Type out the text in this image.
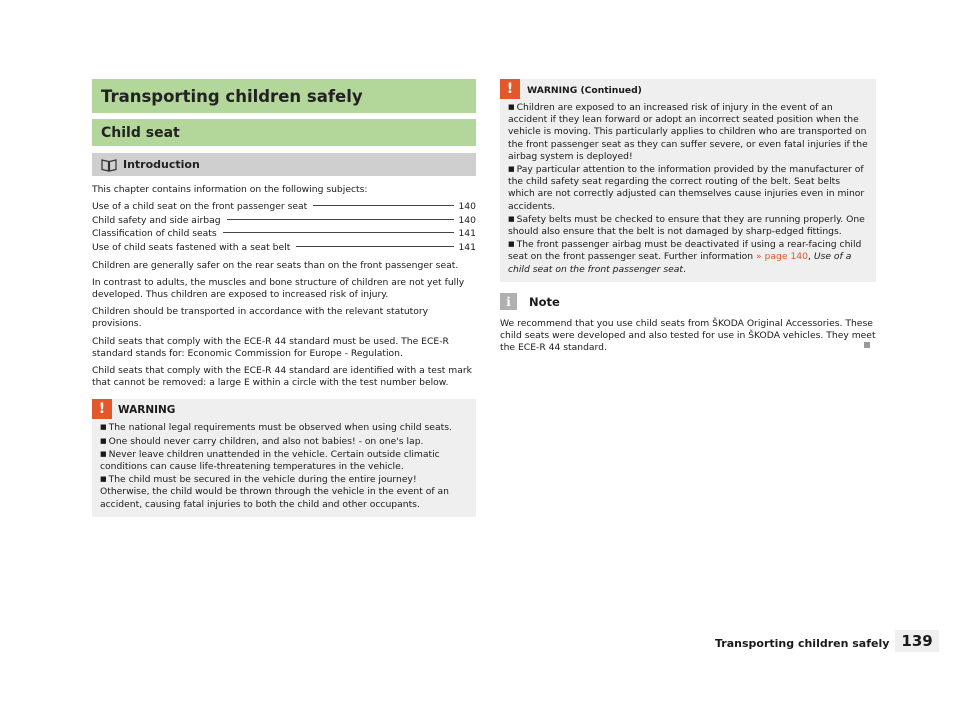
Transporting children safely
Child seat
Introduction

This chapter contains information on the following subjects:

Use of a child seat on the front passenger seat	140
Child safety and side airbag	140
Classification of child seats	141
Use of child seats fastened with a seat belt	141

Children are generally safer on the rear seats than on the front passenger seat.

In contrast to adults, the muscles and bone structure of children are not yet fully developed. Thus children are exposed to increased risk of injury.

Children should be transported in accordance with the relevant statutory provisions.

Child seats that comply with the ECE-R 44 standard must be used. The ECE-R standard stands for: Economic Commission for Europe - Regulation.

Child seats that comply with the ECE-R 44 standard are identified with a test mark that cannot be removed: a large E within a circle with the test number below.

!	WARNING
■ The national legal requirements must be observed when using child seats.
■ One should never carry children, and also not babies! - on one's lap.
■ Never leave children unattended in the vehicle. Certain outside climatic conditions can cause life-threatening temperatures in the vehicle.
■ The child must be secured in the vehicle during the entire journey! Otherwise, the child would be thrown through the vehicle in the event of an accident, causing fatal injuries to both the child and other occupants.
!	WARNING (Continued)
■ Children are exposed to an increased risk of injury in the event of an accident if they lean forward or adopt an incorrect seated position when the vehicle is moving. This particularly applies to children who are transported on the front passenger seat as they can suffer severe, or even fatal injuries if the airbag system is deployed!
■ Pay particular attention to the information provided by the manufacturer of the child safety seat regarding the correct routing of the belt. Seat belts which are not correctly adjusted can themselves cause injuries even in minor accidents.
■ Safety belts must be checked to ensure that they are running properly. One should also ensure that the belt is not damaged by sharp-edged fittings.
■ The front passenger airbag must be deactivated if using a rear-facing child seat on the front passenger seat. Further information » page 140, Use of a child seat on the front passenger seat.
i	Note

We recommend that you use child seats from ŠKODA Original Accessories. These child seats were developed and also tested for use in ŠKODA vehicles. They meet the ECE-R 44 standard.

Transporting children safely 139
